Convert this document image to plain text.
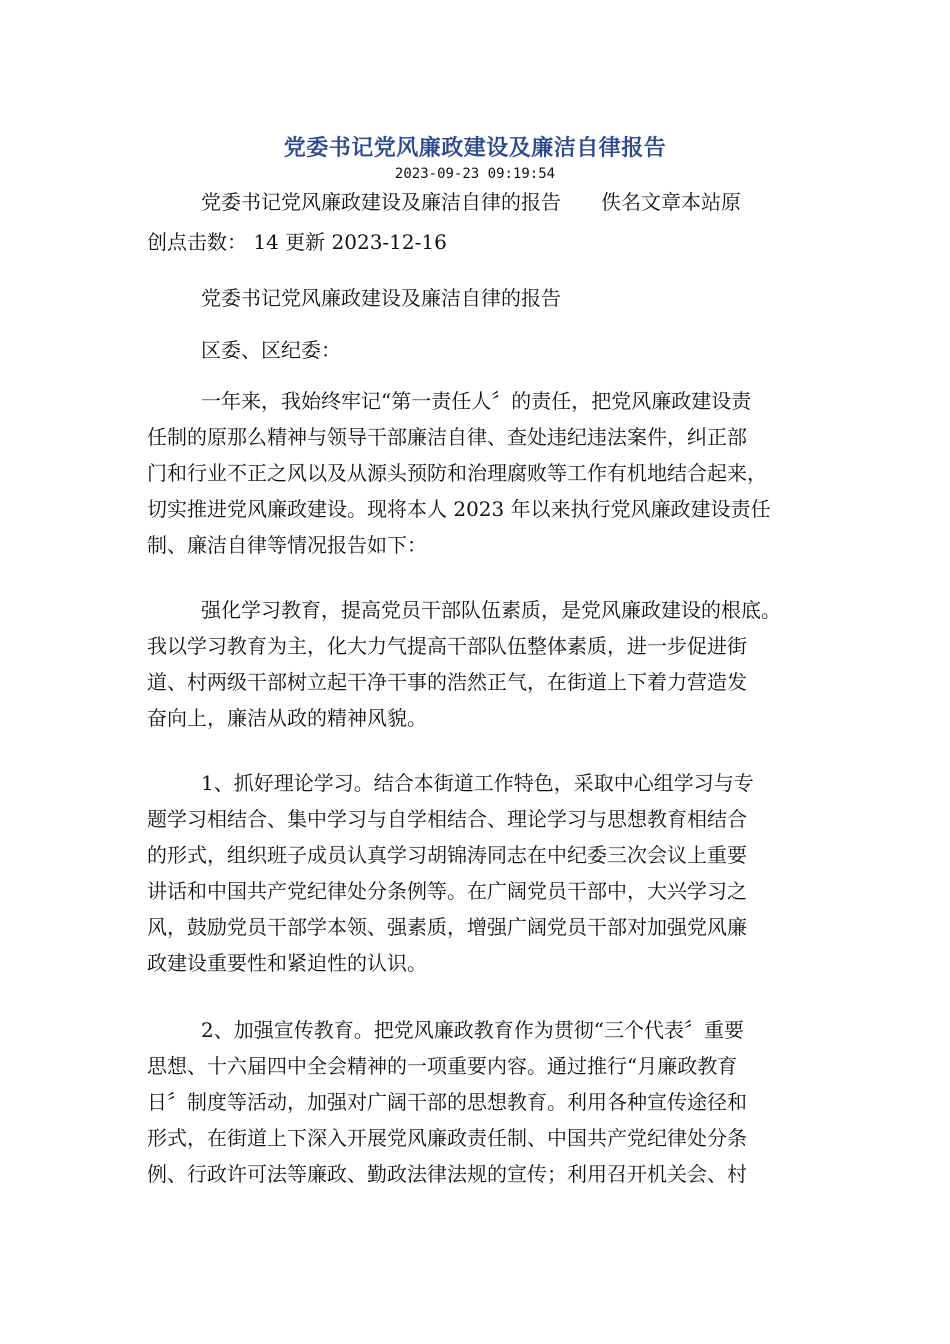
党委书记党风廉政建设及廉洁自律报告
2023-09-23 09:19:54
党委书记党风廉政建设及廉洁自律的报告 佚名文章本站原
创点击数： 14 更新 2023-12-16
党委书记党风廉政建设及廉洁自律的报告
区委、区纪委：
一年来，我始终牢记“第一责任人〞的责任，把党风廉政建设责
任制的原那么精神与领导干部廉洁自律、查处违纪违法案件，纠正部
门和行业不正之风以及从源头预防和治理腐败等工作有机地结合起来，
切实推进党风廉政建设。现将本人 2023 年以来执行党风廉政建设责任
制、廉洁自律等情况报告如下：
强化学习教育，提高党员干部队伍素质，是党风廉政建设的根底。
我以学习教育为主，化大力气提高干部队伍整体素质，进一步促进街
道、村两级干部树立起干净干事的浩然正气，在街道上下着力营造发
奋向上，廉洁从政的精神风貌。
1、抓好理论学习。结合本街道工作特色，采取中心组学习与专
题学习相结合、集中学习与自学相结合、理论学习与思想教育相结合
的形式，组织班子成员认真学习胡锦涛同志在中纪委三次会议上重要
讲话和中国共产党纪律处分条例等。在广阔党员干部中，大兴学习之
风，鼓励党员干部学本领、强素质，增强广阔党员干部对加强党风廉
政建设重要性和紧迫性的认识。
2、加强宣传教育。把党风廉政教育作为贯彻“三个代表〞重要
思想、十六届四中全会精神的一项重要内容。通过推行“月廉政教育
日〞制度等活动，加强对广阔干部的思想教育。利用各种宣传途径和
形式，在街道上下深入开展党风廉政责任制、中国共产党纪律处分条
例、行政许可法等廉政、勤政法律法规的宣传；利用召开机关会、村
